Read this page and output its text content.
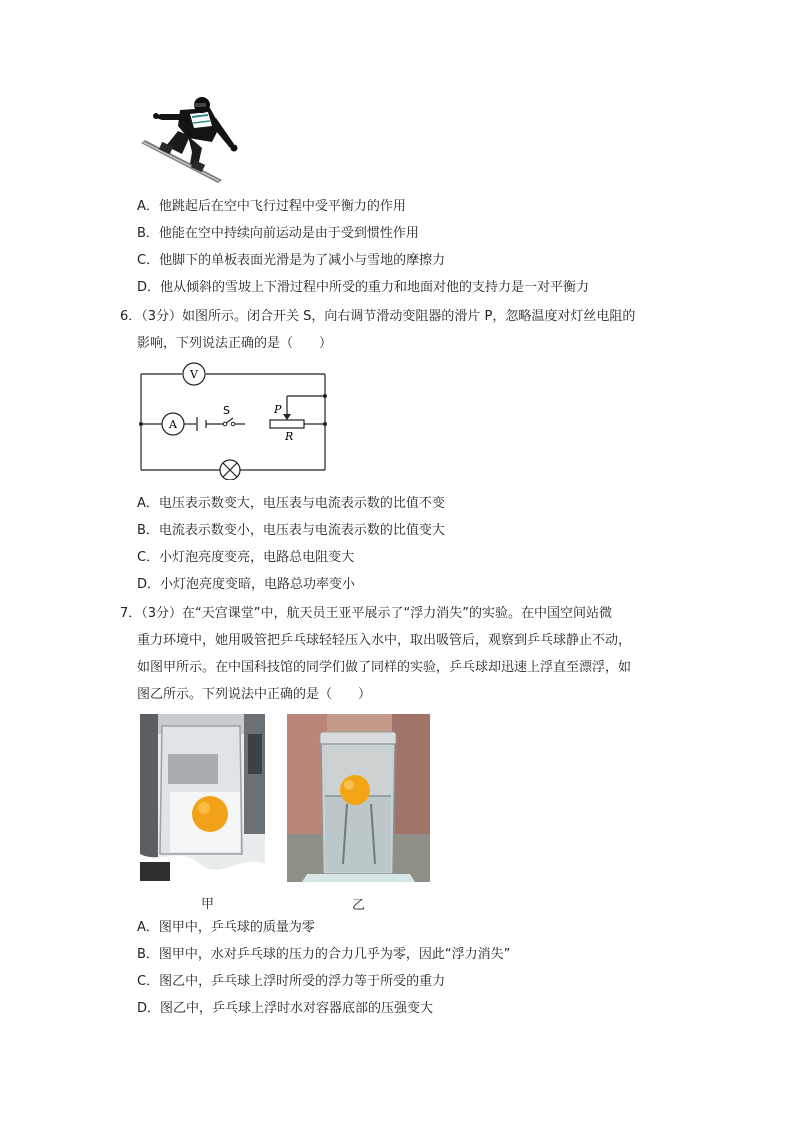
A．他跳起后在空中飞行过程中受平衡力的作用
B．他能在空中持续向前运动是由于受到惯性作用
C．他脚下的单板表面光滑是为了减小与雪地的摩擦力
D．他从倾斜的雪坡上下滑过程中所受的重力和地面对他的支持力是一对平衡力
6．（3分）如图所示。闭合开关 S，向右调节滑动变阻器的滑片 P，忽略温度对灯丝电阻的
影响，下列说法正确的是（　　）
V
A
S	P
R
A．电压表示数变大，电压表与电流表示数的比值不变
B．电流表示数变小，电压表与电流表示数的比值变大
C．小灯泡亮度变亮，电路总电阻变大
D．小灯泡亮度变暗，电路总功率变小
7．（3分）在“天宫课堂”中，航天员王亚平展示了“浮力消失”的实验。在中国空间站微
重力环境中，她用吸管把乒乓球轻轻压入水中，取出吸管后，观察到乒乓球静止不动，
如图甲所示。在中国科技馆的同学们做了同样的实验，乒乓球却迅速上浮直至漂浮，如
图乙所示。下列说法中正确的是（　　）
甲	乙
A．图甲中，乒乓球的质量为零
B．图甲中，水对乒乓球的压力的合力几乎为零，因此“浮力消失”
C．图乙中，乒乓球上浮时所受的浮力等于所受的重力
D．图乙中，乒乓球上浮时水对容器底部的压强变大
